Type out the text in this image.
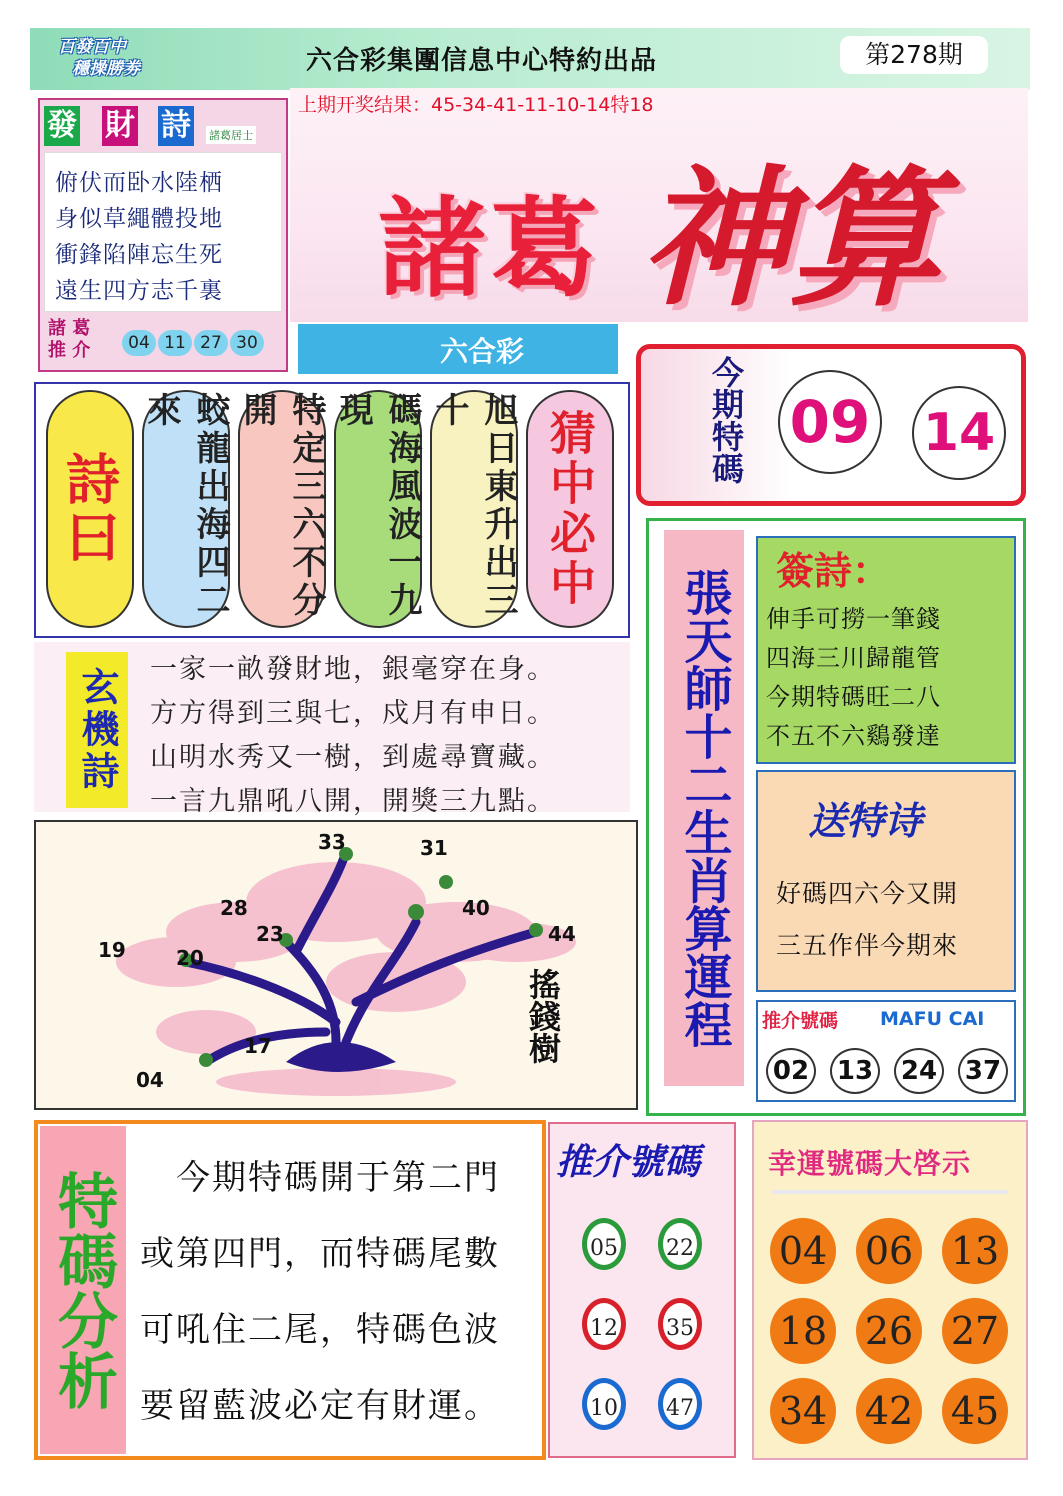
百發百中
穩操勝劵	六合彩集團信息中心特約出品	第278期
上期开奖结果：45-34-41-11-10-14特18
諸葛 神算
發 財 詩 諸葛居士
俯伏而卧水陸栖
身似草繩體投地
衝鋒陷陣忘生死
遠生四方志千裏
諸 葛
推 介	04 11 27 30	六合彩
詩曰	蛟龍出海四二來	特定三六不分開	碼海風波一九現	旭日東升出三十	猜中必中
玄機詩	一家一畝發財地，銀毫穿在身。
方方得到三與七，戍月有申日。
山明水秀又一樹，到處尋寶藏。
一言九鼎吼八開，開獎三九點。
33	31
28	40
23	44
19	20
17
04
搖錢樹
今期特碼 09 14
張天師十二生肖算運程	簽詩：
伸手可撈一筆錢
四海三川歸龍管
今期特碼旺二八
不五不六鷄發達
送特诗
好碼四六今又開
三五作伴今期來
推介號碼 MAFU CAI
02 13 24 37
特碼分析 　今期特碼開于第二門
或第四門，而特碼尾數
可吼住二尾，特碼色波
要留藍波必定有財運。
推介號碼 幸運號碼大啓示
05	22
12	35
10	47
04 06 13
18 26 27
34 42 45
